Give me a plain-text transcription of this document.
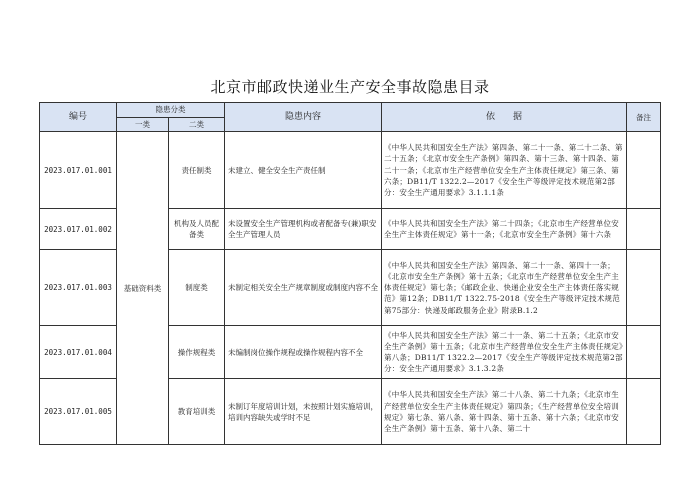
北京市邮政快递业生产安全事故隐患目录
编号	隐患分类		隐患内容	依　　据	备注
	一类	二类			
2023.017.01.001	基础资料类	责任制类	未建立、健全安全生产责任制	《中华人民共和国安全生产法》第四条、第二十一条、第二十二条、第二十五条；《北京市安全生产条例》第四条、第十三条、第十四条、第二十一条；《北京市生产经营单位安全生产主体责任规定》第三条、第六条；DB11/T 1322.2—2017《安全生产等级评定技术规范第2部分：安全生产通用要求》3.1.1.1条	
2023.017.01.002		机构及人员配备类	未设置安全生产管理机构或者配备专(兼)职安全生产管理人员	《中华人民共和国安全生产法》第二十四条；《北京市生产经营单位安全生产主体责任规定》第十一条；《北京市安全生产条例》第十六条	
2023.017.01.003		制度类	未制定相关安全生产规章制度或制度内容不全	《中华人民共和国安全生产法》第四条、第二十一条、第四十一条；《北京市安全生产条例》第十五条；《北京市生产经营单位安全生产主体责任规定》第七条；《邮政企业、快递企业安全生产主体责任落实规范》第12条；DB11/T 1322.75-2018《安全生产等级评定技术规范 第75部分：快递及邮政服务企业》附录B.1.2	
2023.017.01.004		操作规程类	未编制岗位操作规程或操作规程内容不全	《中华人民共和国安全生产法》第二十一条、第二十五条；《北京市安全生产条例》第十五条；《北京市生产经营单位安全生产主体责任规定》第八条；DB11/T 1322.2—2017《安全生产等级评定技术规范第2部分：安全生产通用要求》3.1.3.2条	
2023.017.01.005		教育培训类	未制订年度培训计划，未按照计划实施培训，培训内容缺失或学时不足	《中华人民共和国安全生产法》第二十八条、第二十九条；《北京市生产经营单位安全生产主体责任规定》第四条；《生产经营单位安全培训规定》第七条、第八条、第十四条、第十五条、第十六条；《北京市安全生产条例》第十五条、第十八条、第二十	
